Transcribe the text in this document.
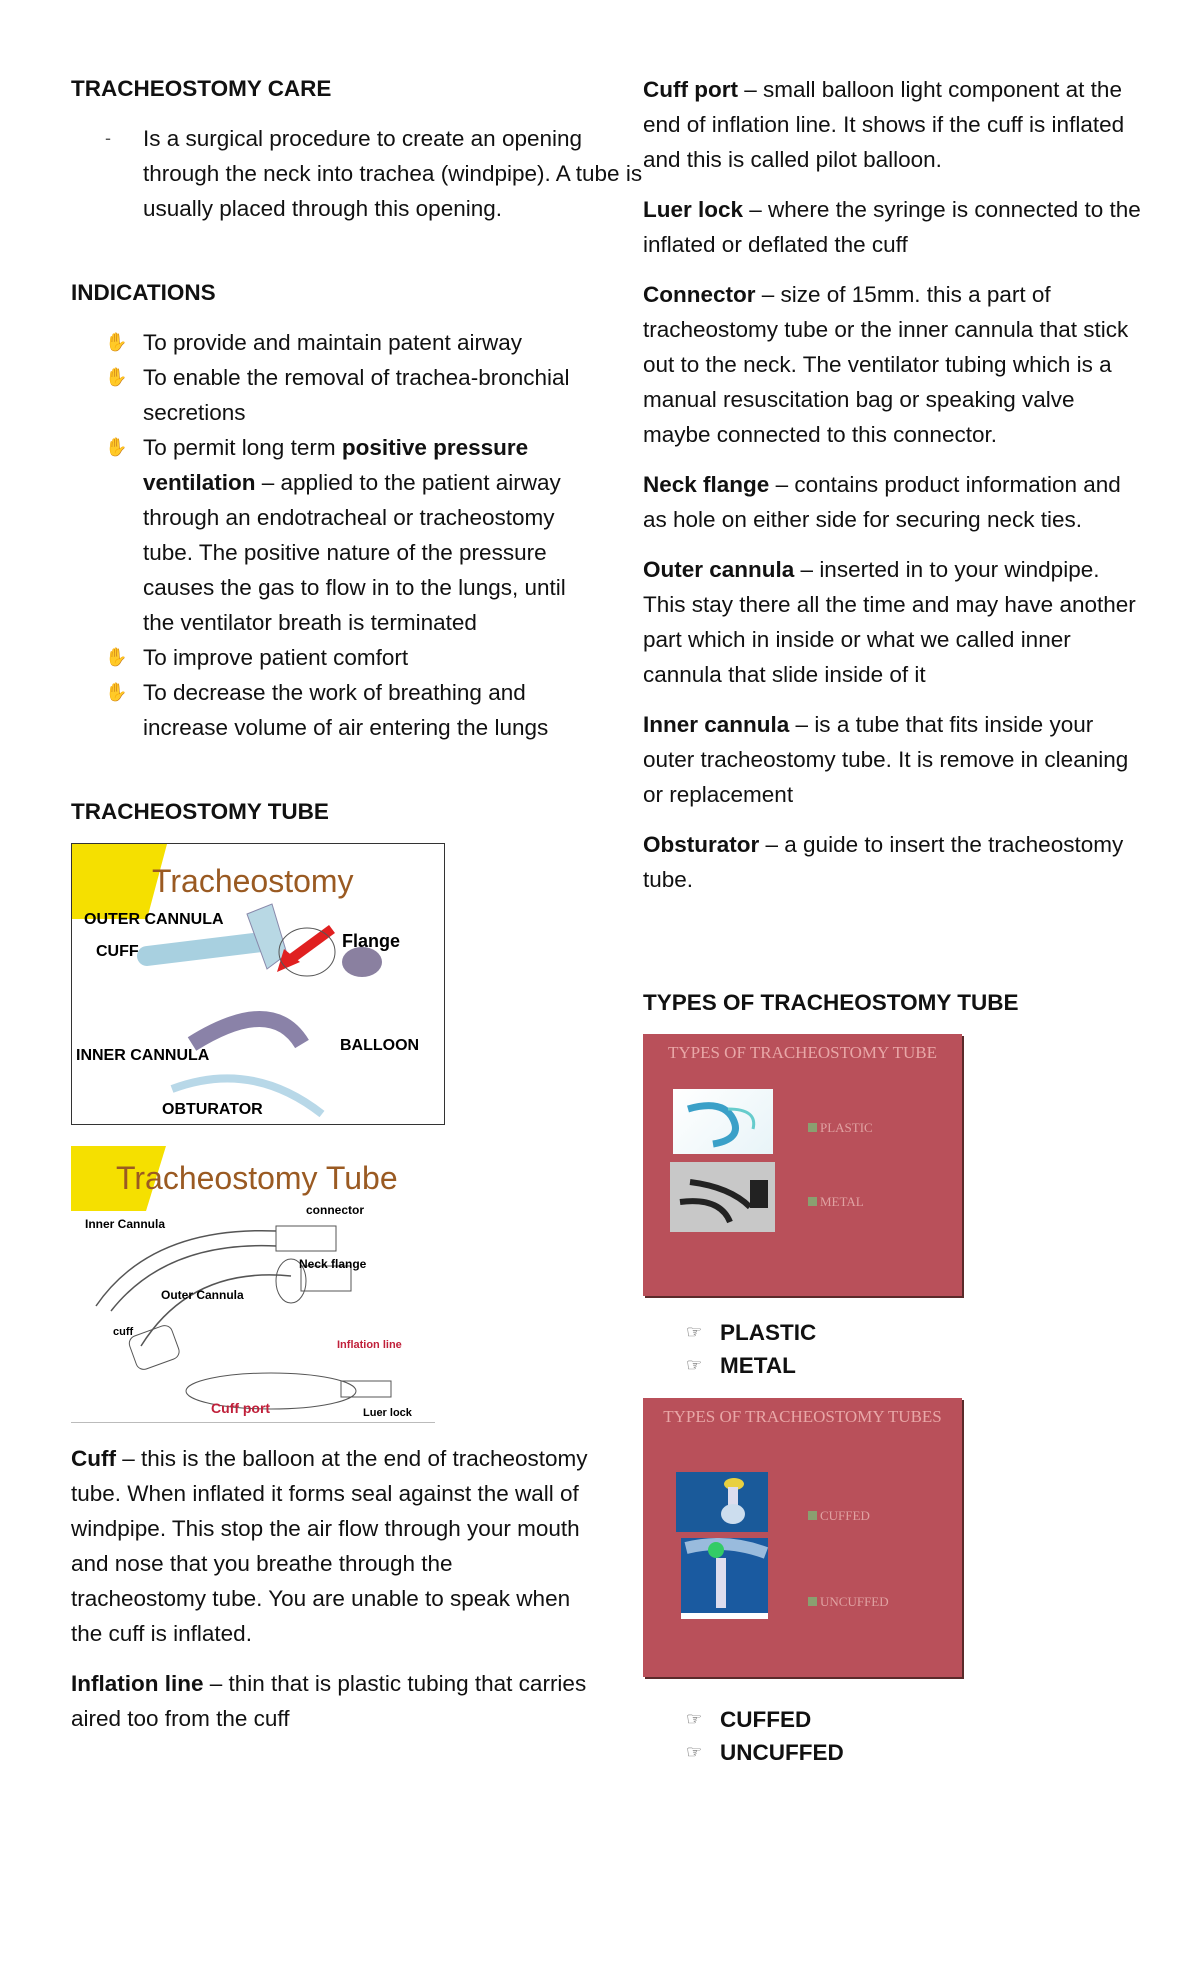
TRACHEOSTOMY CARE
- Is a surgical procedure to create an opening through the neck into trachea (windpipe). A tube is usually placed through this opening.
INDICATIONS
✋ To provide and maintain patent airway
✋ To enable the removal of trachea-bronchial secretions
✋ To permit long term positive pressure ventilation – applied to the patient airway through an endotracheal or tracheostomy tube. The positive nature of the pressure causes the gas to flow in to the lungs, until the ventilator breath is terminated
✋ To improve patient comfort
✋ To decrease the work of breathing and increase volume of air entering the lungs
TRACHEOSTOMY TUBE
Tracheostomy
OUTER CANNULA
CUFF
Flange
BALLOON
INNER CANNULA
OBTURATOR
Tracheostomy Tube
Inner Cannula
connector
Neck flange
Outer Cannula
cuff
Inflation line
Cuff port	Luer lock
Cuff – this is the balloon at the end of tracheostomy tube. When inflated it forms seal against the wall of windpipe. This stop the air flow through your mouth and nose that you breathe through the tracheostomy tube. You are unable to speak when the cuff is inflated.
Inflation line – thin that is plastic tubing that carries aired too from the cuff
Cuff port – small balloon light component at the end of inflation line. It shows if the cuff is inflated and this is called pilot balloon.
Luer lock – where the syringe is connected to the inflated or deflated the cuff
Connector – size of 15mm. this a part of tracheostomy tube or the inner cannula that stick out to the neck. The ventilator tubing which is a manual resuscitation bag or speaking valve maybe connected to this connector.
Neck flange – contains product information and as hole on either side for securing neck ties.
Outer cannula – inserted in to your windpipe. This stay there all the time and may have another part which in inside or what we called inner cannula that slide inside of it
Inner cannula – is a tube that fits inside your outer tracheostomy tube. It is remove in cleaning or replacement
Obsturator – a guide to insert the tracheostomy tube.
TYPES OF TRACHEOSTOMY TUBE
TYPES OF TRACHEOSTOMY TUBE
PLASTIC
METAL
☞ PLASTIC
☞ METAL
TYPES OF TRACHEOSTOMY TUBES
CUFFED
UNCUFFED
☞ CUFFED
☞ UNCUFFED
